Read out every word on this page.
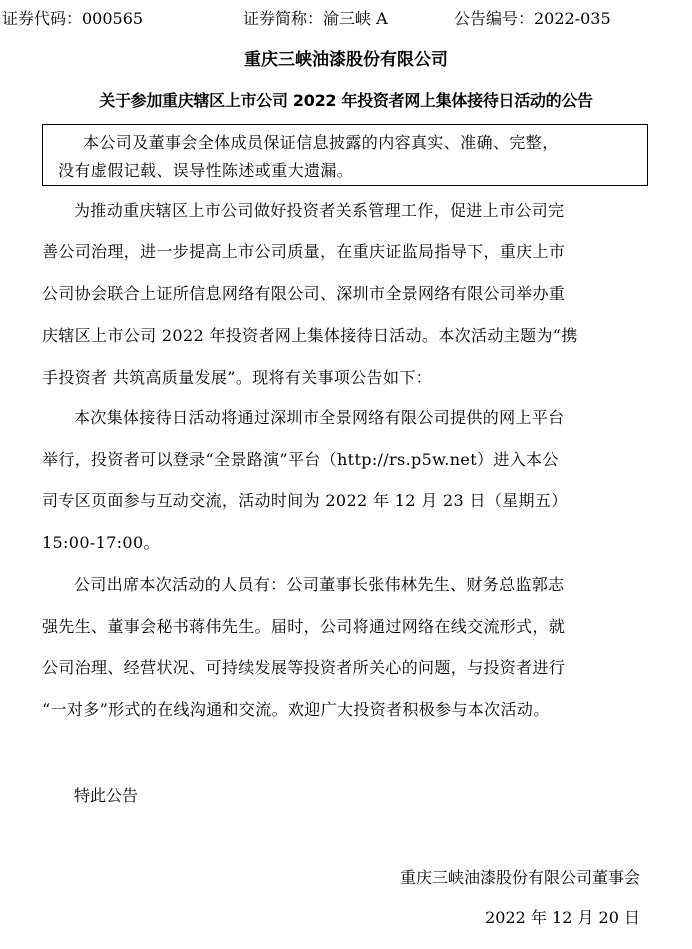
证券代码：000565	证券简称：渝三峡 A	公告编号：2022-035
重庆三峡油漆股份有限公司
关于参加重庆辖区上市公司 2022 年投资者网上集体接待日活动的公告
本公司及董事会全体成员保证信息披露的内容真实、准确、完整，
没有虚假记载、误导性陈述或重大遗漏。
为推动重庆辖区上市公司做好投资者关系管理工作，促进上市公司完
善公司治理，进一步提高上市公司质量，在重庆证监局指导下，重庆上市
公司协会联合上证所信息网络有限公司、深圳市全景网络有限公司举办重
庆辖区上市公司 2022 年投资者网上集体接待日活动。本次活动主题为“携
手投资者 共筑高质量发展”。现将有关事项公告如下：
本次集体接待日活动将通过深圳市全景网络有限公司提供的网上平台
举行，投资者可以登录“全景路演”平台（http://rs.p5w.net）进入本公
司专区页面参与互动交流，活动时间为 2022 年 12 月 23 日（星期五）
15:00-17:00。
公司出席本次活动的人员有：公司董事长张伟林先生、财务总监郭志
强先生、董事会秘书蒋伟先生。届时，公司将通过网络在线交流形式，就
公司治理、经营状况、可持续发展等投资者所关心的问题，与投资者进行
“一对多”形式的在线沟通和交流。欢迎广大投资者积极参与本次活动。
特此公告
重庆三峡油漆股份有限公司董事会
2022 年 12 月 20 日
